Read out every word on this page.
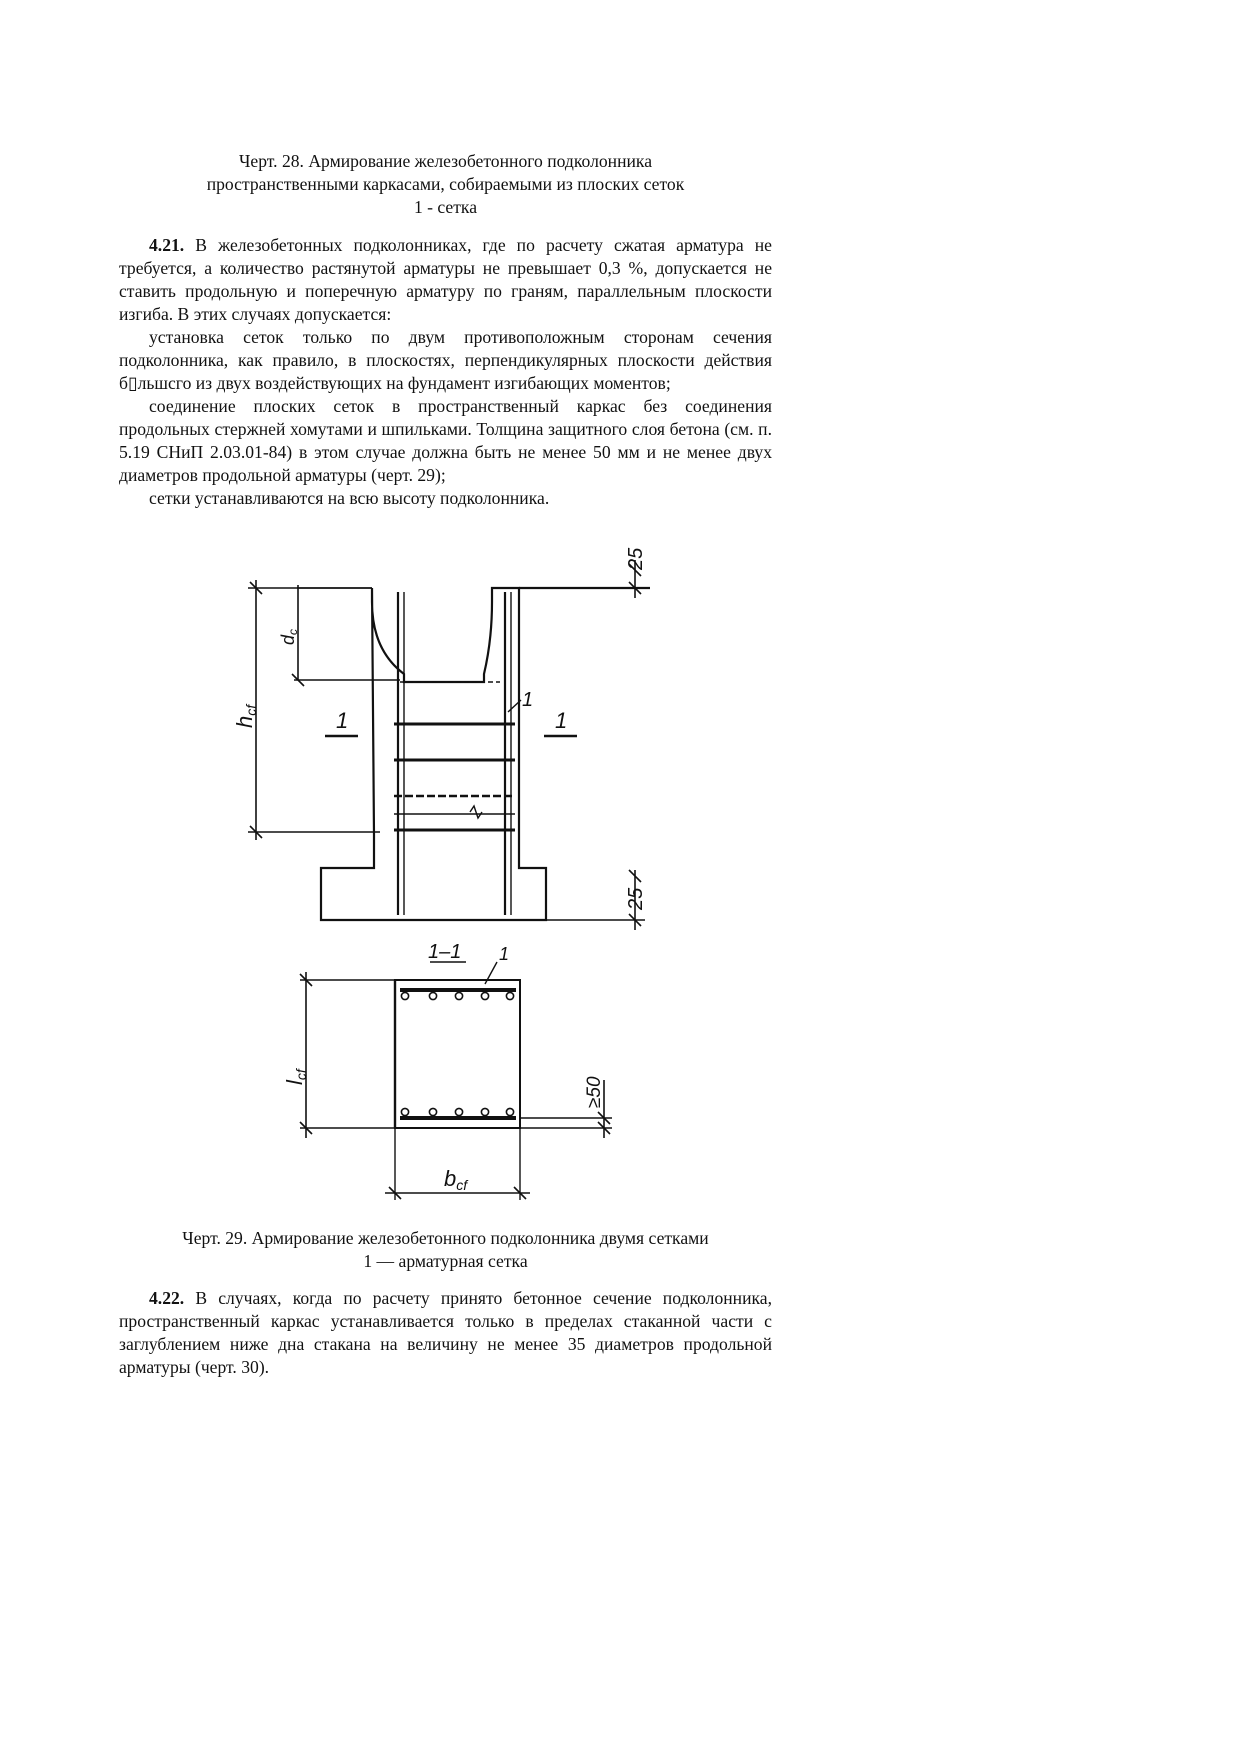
Черт. 28. Армирование железобетонного подколонника
пространственными каркасами, собираемыми из плоских сеток
1 - сетка

4.21. В железобетонных подколонниках, где по расчету сжатая арматура не требуется, а количество растянутой арматуры не превышает 0,3 %, допускается не ставить продольную и поперечную арматуру по граням, параллельным плоскости изгиба. В этих случаях допускается:

установка сеток только по двум противоположным сторонам сечения подколонника, как правило, в плоскостях, перпендикулярных плоскости действия б▯льшсго из двух воздействующих на фундамент изгибающих моментов;

соединение плоских сеток в пространственный каркас без соединения продольных стержней хомутами и шпильками. Толщина защитного слоя бетона (см. п. 5.19 СНиП 2.03.01-84) в этом случае должна быть не менее 50 мм и не менее двух диаметров продольной арматуры (черт. 29);

сетки устанавливаются на всю высоту подколонника.

25
25
≥50
hcf
dc
lcf
bcf
1
1	1
1–1 1
Черт. 29. Армирование железобетонного подколонника двумя сетками
1 — арматурная сетка

4.22. В случаях, когда по расчету принято бетонное сечение подколонника, пространственный каркас устанавливается только в пределах стаканной части с заглублением ниже дна стакана на величину не менее 35 диаметров продольной арматуры (черт. 30).
